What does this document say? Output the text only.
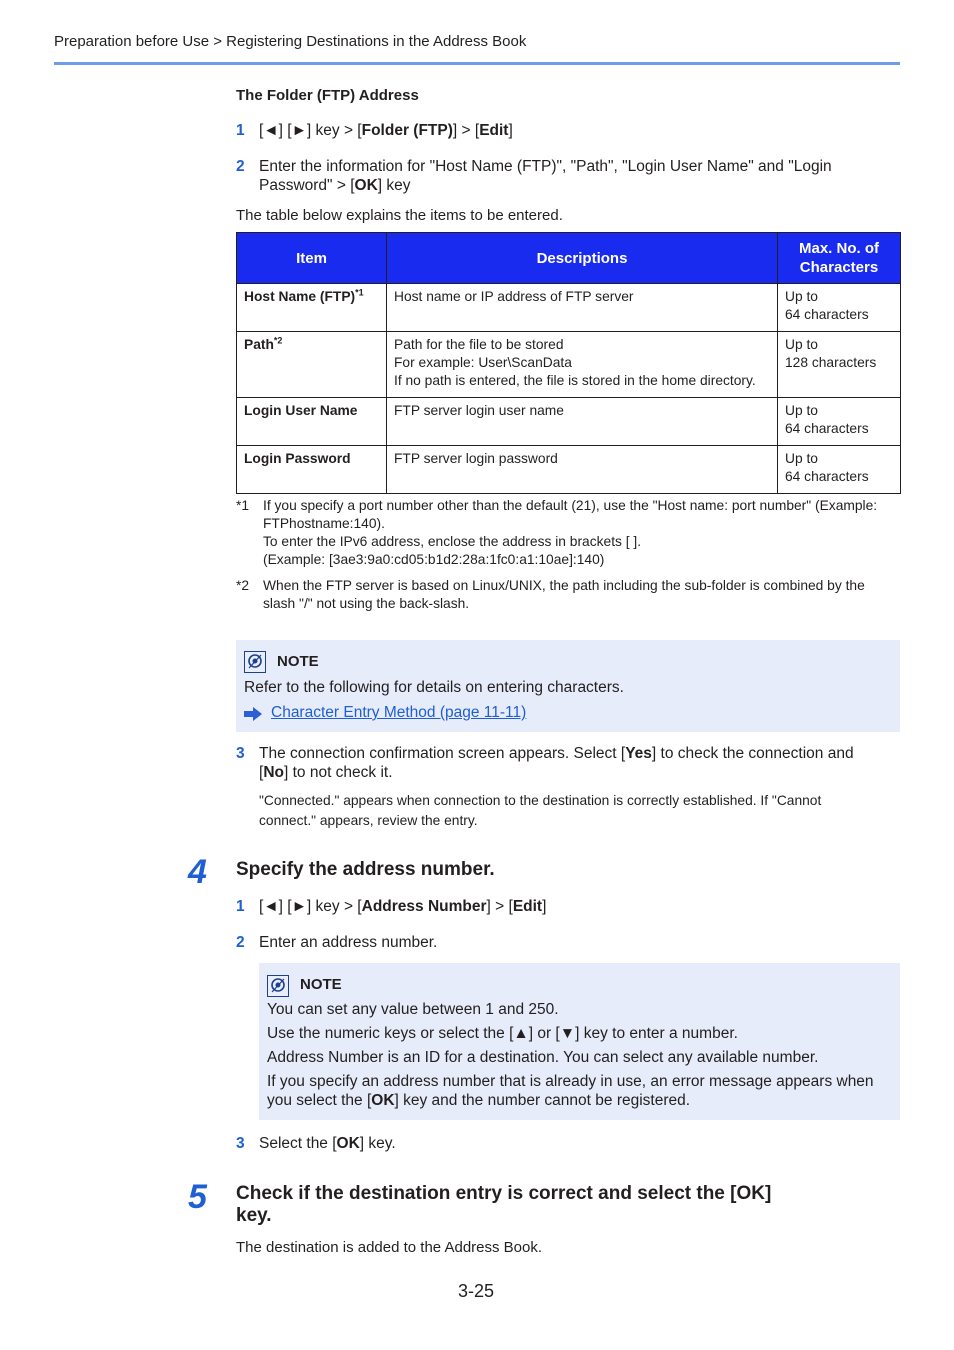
Preparation before Use > Registering Destinations in the Address Book
The Folder (FTP) Address
1 [◄] [►] key > [Folder (FTP)] > [Edit]
2 Enter the information for "Host Name (FTP)", "Path", "Login User Name" and "Login
Password" > [OK] key
The table below explains the items to be entered.
Item	Descriptions	Max. No. of Characters
Host Name (FTP)$^{*1}$	Host name or IP address of FTP server	Up to
64 characters
Path$^{*2}$	Path for the file to be stored
For example: User\ScanData
If no path is entered, the file is stored in the home directory.	Up to
128 characters
Login User Name	FTP server login user name	Up to
64 characters
Login Password	FTP server login password	Up to
64 characters
*1 If you specify a port number other than the default (21), use the "Host name: port number" (Example:
FTPhostname:140).
To enter the IPv6 address, enclose the address in brackets [ ].
(Example: [3ae3:9a0:cd05:b1d2:28a:1fc0:a1:10ae]:140)
*2 When the FTP server is based on Linux/UNIX, the path including the sub-folder is combined by the
slash "/" not using the back-slash.
NOTE
Refer to the following for details on entering characters.
Character Entry Method (page 11-11)
3 The connection confirmation screen appears. Select [Yes] to check the connection and
[No] to not check it.
"Connected." appears when connection to the destination is correctly established. If "Cannot
connect." appears, review the entry.
4 Specify the address number.
1 [◄] [►] key > [Address Number] > [Edit]
2 Enter an address number.
NOTE
You can set any value between 1 and 250.
Use the numeric keys or select the [▲] or [▼] key to enter a number.
Address Number is an ID for a destination. You can select any available number.
If you specify an address number that is already in use, an error message appears when
you select the [OK] key and the number cannot be registered.
3 Select the [OK] key.
5 Check if the destination entry is correct and select the [OK]
key.
The destination is added to the Address Book.
3-25
